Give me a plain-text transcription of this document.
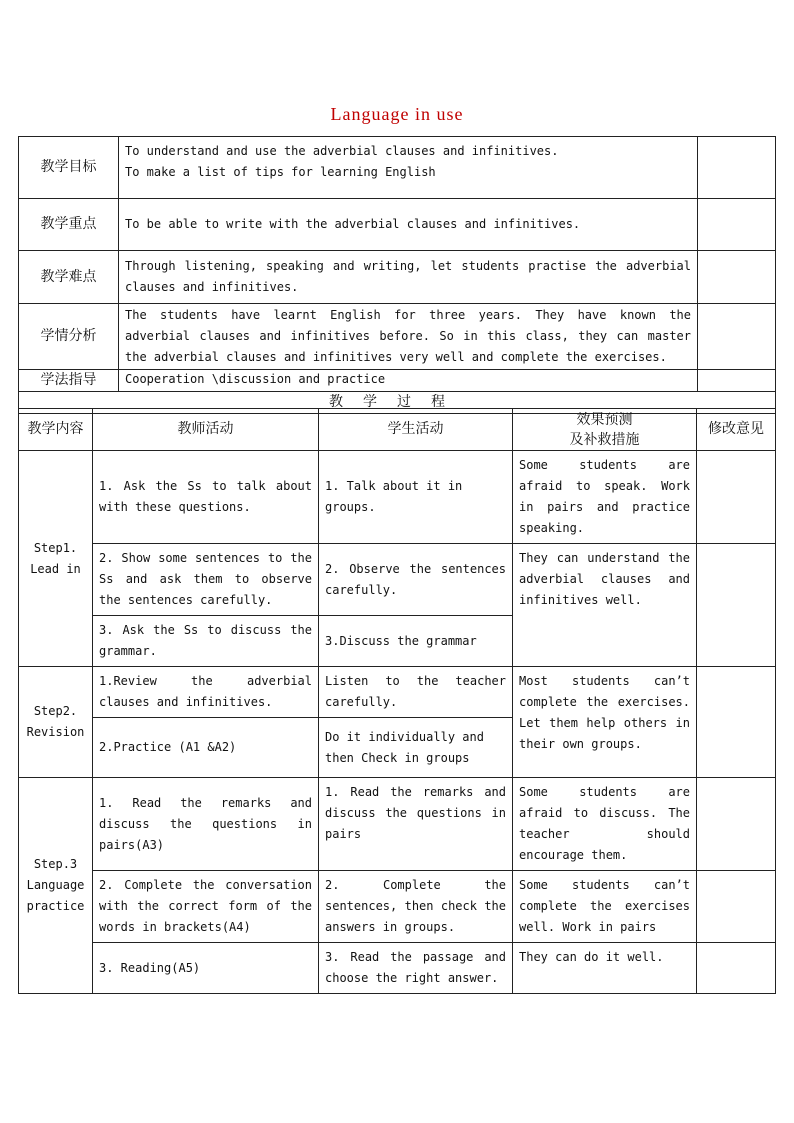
Language in use
教学目标	To understand and use the adverbial clauses and infinitives.
To make a list of tips for learning English	

教学重点	To be able to write with the adverbial clauses and infinitives.	
教学难点	Through listening, speaking and writing, let students practise the adverbial clauses and infinitives.	
学情分析	The students have learnt English for three years. They have known the adverbial clauses and infinitives before. So in this class, they can master the adverbial clauses and infinitives very well and complete the exercises.	
学法指导	Cooperation \discussion and practice	
教学过程		
教学内容	教师活动	学生活动	效果预测
及补救措施	修改意见
Step1. Lead in	1. Ask the Ss to talk about with these questions.	1. Talk about it in groups.	Some students are afraid to speak. Work in pairs and practice speaking.	
	2. Show some sentences to the Ss and ask them to observe the sentences carefully.	2. Observe the sentences carefully.	They can understand the adverbial clauses and infinitives well.	
	3. Ask the Ss to discuss the grammar.	3.Discuss the grammar		
Step2. Revision	1.Review the adverbial clauses and infinitives.	Listen to the teacher carefully.	Most students can’t complete the exercises. Let them help others in their own groups.	
	2.Practice (A1 &A2)	Do it individually and then Check in groups		
Step.3 Language practice	1. Read the remarks and discuss the questions in pairs(A3)	1. Read the remarks and discuss the questions in pairs	Some students are afraid to discuss. The teacher should encourage them.	
	2. Complete the conversation with the correct form of the words in brackets(A4)	2. Complete the sentences, then check the answers in groups.	Some students can’t complete the exercises well. Work in pairs	
	3. Reading(A5)	3. Read the passage and choose the right answer.	They can do it well.	
